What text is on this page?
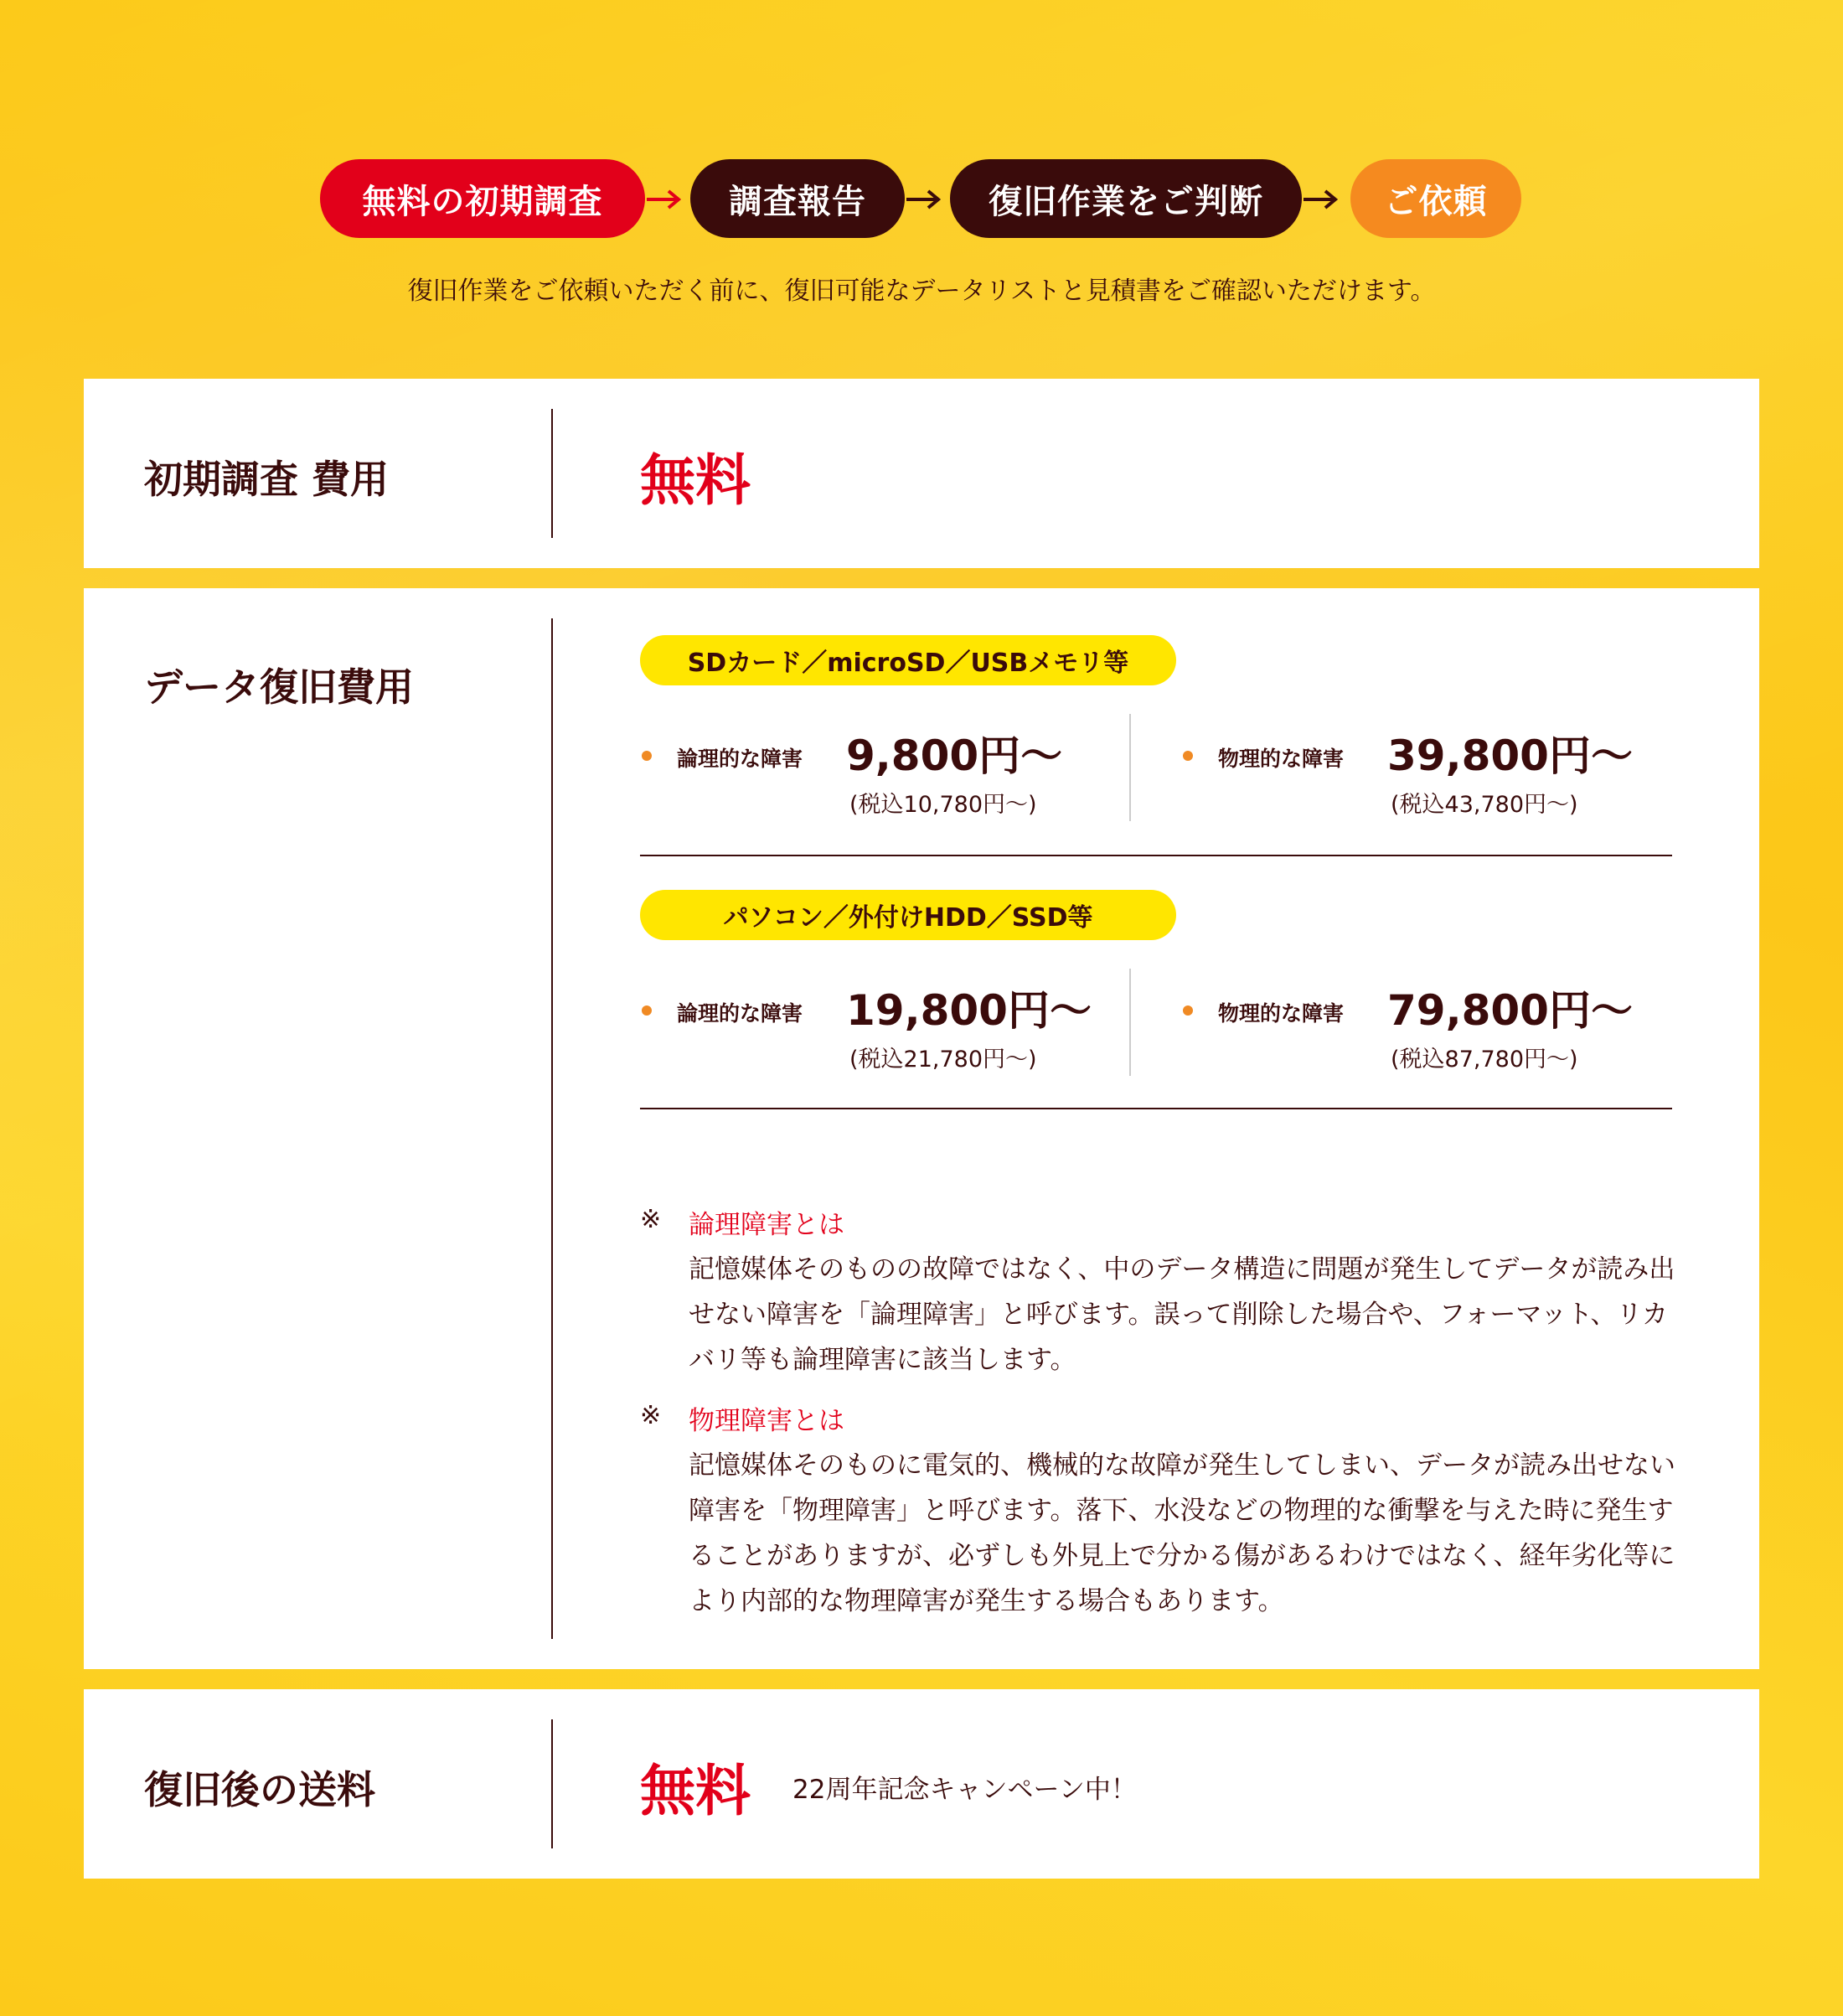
無料の初期調査	調査報告	復旧作業をご判断	ご依頼
復旧作業をご依頼いただく前に、復旧可能なデータリストと見積書をご確認いただけます。
初期調査 費用	無料
データ復旧費用
SDカード／microSD／USBメモリ等
論理的な障害 9,800円〜
(税込10,780円〜)
物理的な障害 39,800円〜
(税込43,780円〜)
パソコン／外付けHDD／SSD等
論理的な障害 19,800円〜
(税込21,780円〜)
物理的な障害 79,800円〜
(税込87,780円〜)
※ 論理障害とは
記憶媒体そのものの故障ではなく、中のデータ構造に問題が発生してデータが読み出せない障害を「論理障害」と呼びます。誤って削除した場合や、フォーマット、リカバリ等も論理障害に該当します。
※ 物理障害とは
記憶媒体そのものに電気的、機械的な故障が発生してしまい、データが読み出せない障害を「物理障害」と呼びます。落下、水没などの物理的な衝撃を与えた時に発生することがありますが、必ずしも外見上で分かる傷があるわけではなく、経年劣化等により内部的な物理障害が発生する場合もあります。
復旧後の送料	無料 22周年記念キャンペーン中！
